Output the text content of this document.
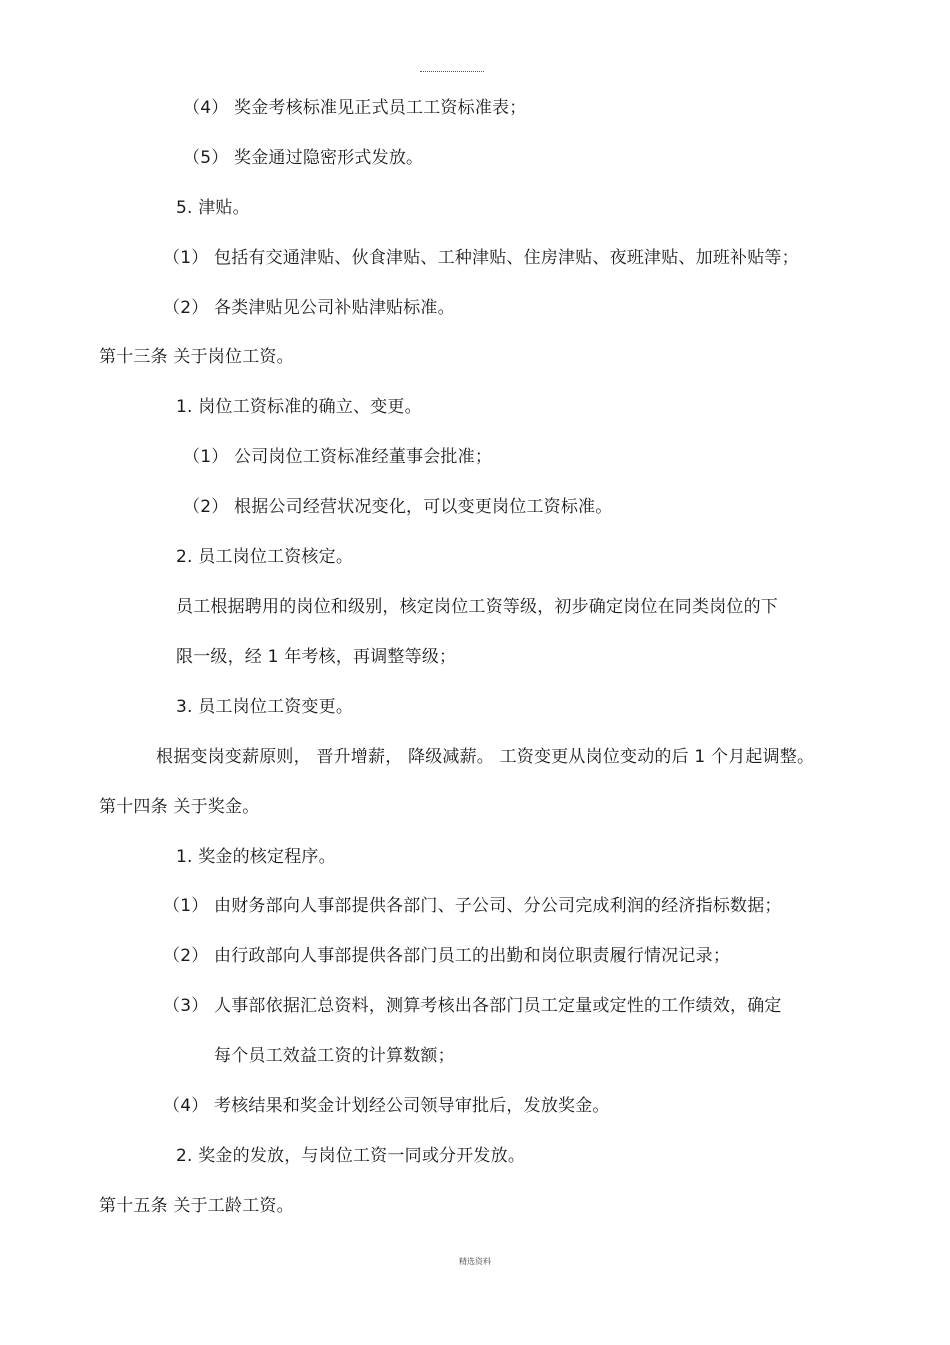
（4） 奖金考核标准见正式员工工资标准表；
（5） 奖金通过隐密形式发放。
5. 津贴。
（1） 包括有交通津贴、伙食津贴、工种津贴、住房津贴、夜班津贴、加班补贴等；
（2） 各类津贴见公司补贴津贴标准。
第十三条 关于岗位工资。
1. 岗位工资标准的确立、变更。
（1） 公司岗位工资标准经董事会批准；
（2） 根据公司经营状况变化，可以变更岗位工资标准。
2. 员工岗位工资核定。
员工根据聘用的岗位和级别，核定岗位工资等级，初步确定岗位在同类岗位的下
限一级，经 1 年考核，再调整等级；
3. 员工岗位工资变更。
根据变岗变薪原则， 晋升增薪， 降级减薪。 工资变更从岗位变动的后 1 个月起调整。
第十四条 关于奖金。
1. 奖金的核定程序。
（1） 由财务部向人事部提供各部门、子公司、分公司完成利润的经济指标数据；
（2） 由行政部向人事部提供各部门员工的出勤和岗位职责履行情况记录；
（3） 人事部依据汇总资料，测算考核出各部门员工定量或定性的工作绩效，确定
每个员工效益工资的计算数额；
（4） 考核结果和奖金计划经公司领导审批后，发放奖金。
2. 奖金的发放，与岗位工资一同或分开发放。
第十五条 关于工龄工资。
精选资料
